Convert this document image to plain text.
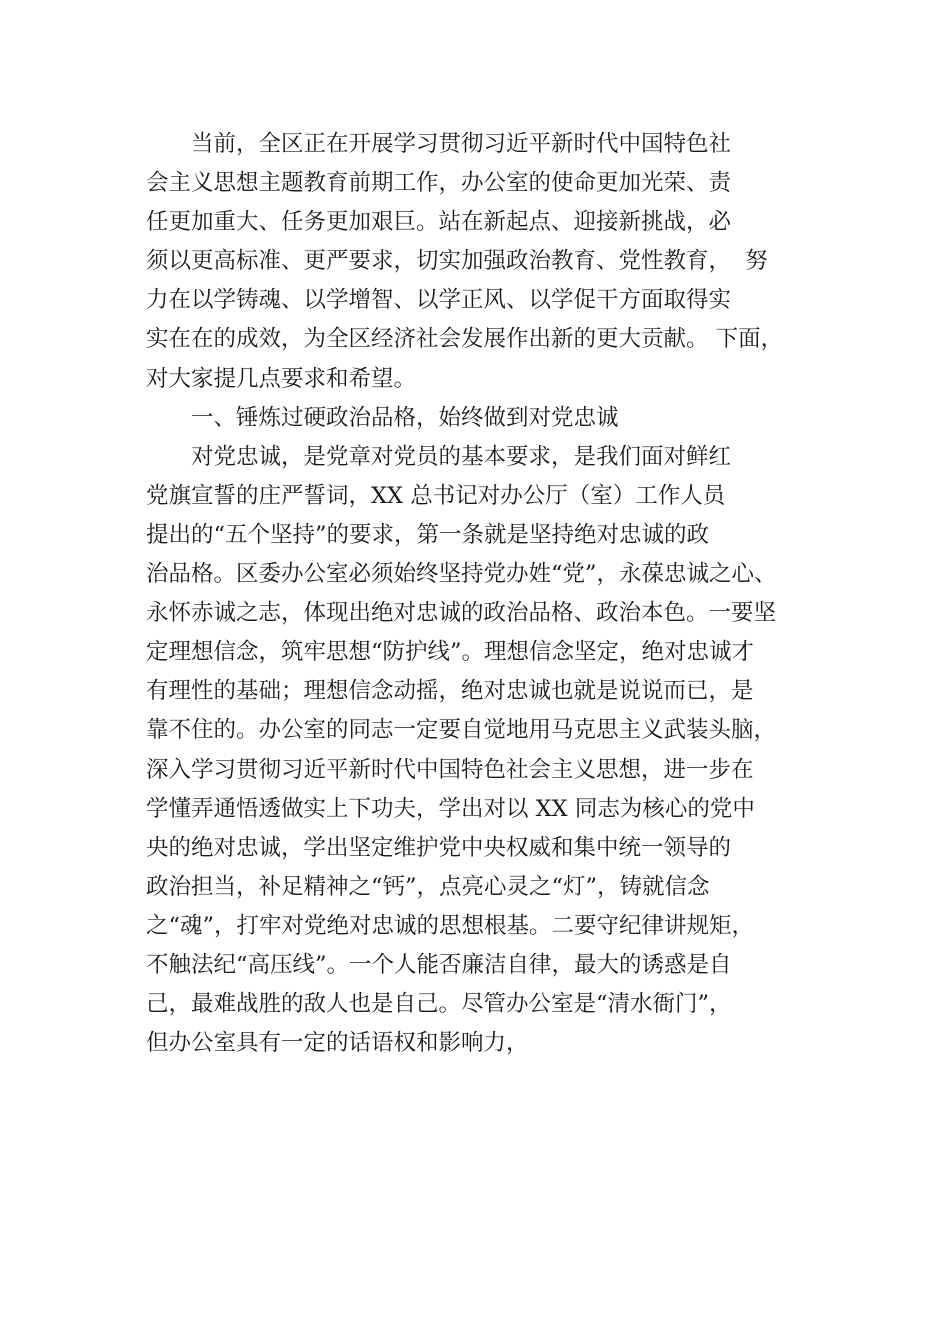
　　当前，全区正在开展学习贯彻习近平新时代中国特色社
会主义思想主题教育前期工作，办公室的使命更加光荣、责
任更加重大、任务更加艰巨。站在新起点、迎接新挑战，必
须以更高标准、更严要求，切实加强政治教育、党性教育，  努
力在以学铸魂、以学增智、以学正风、以学促干方面取得实
实在在的成效，为全区经济社会发展作出新的更大贡献。 下面，
对大家提几点要求和希望。
　　一、锤炼过硬政治品格，始终做到对党忠诚
　　对党忠诚，是党章对党员的基本要求，是我们面对鲜红
党旗宣誓的庄严誓词，XX 总书记对办公厅（室）工作人员
提出的“五个坚持”的要求，第一条就是坚持绝对忠诚的政
治品格。区委办公室必须始终坚持党办姓“党”，永葆忠诚之心、
永怀赤诚之志，体现出绝对忠诚的政治品格、政治本色。一要坚
定理想信念，筑牢思想“防护线”。理想信念坚定，绝对忠诚才
有理性的基础；理想信念动摇，绝对忠诚也就是说说而已，是
靠不住的。办公室的同志一定要自觉地用马克思主义武装头脑，
深入学习贯彻习近平新时代中国特色社会主义思想，进一步在
学懂弄通悟透做实上下功夫，学出对以 XX 同志为核心的党中
央的绝对忠诚，学出坚定维护党中央权威和集中统一领导的
政治担当，补足精神之“钙”，点亮心灵之“灯”，铸就信念
之“魂”，打牢对党绝对忠诚的思想根基。二要守纪律讲规矩，
不触法纪“高压线”。一个人能否廉洁自律，最大的诱惑是自
己，最难战胜的敌人也是自己。尽管办公室是“清水衙门”，
但办公室具有一定的话语权和影响力，
